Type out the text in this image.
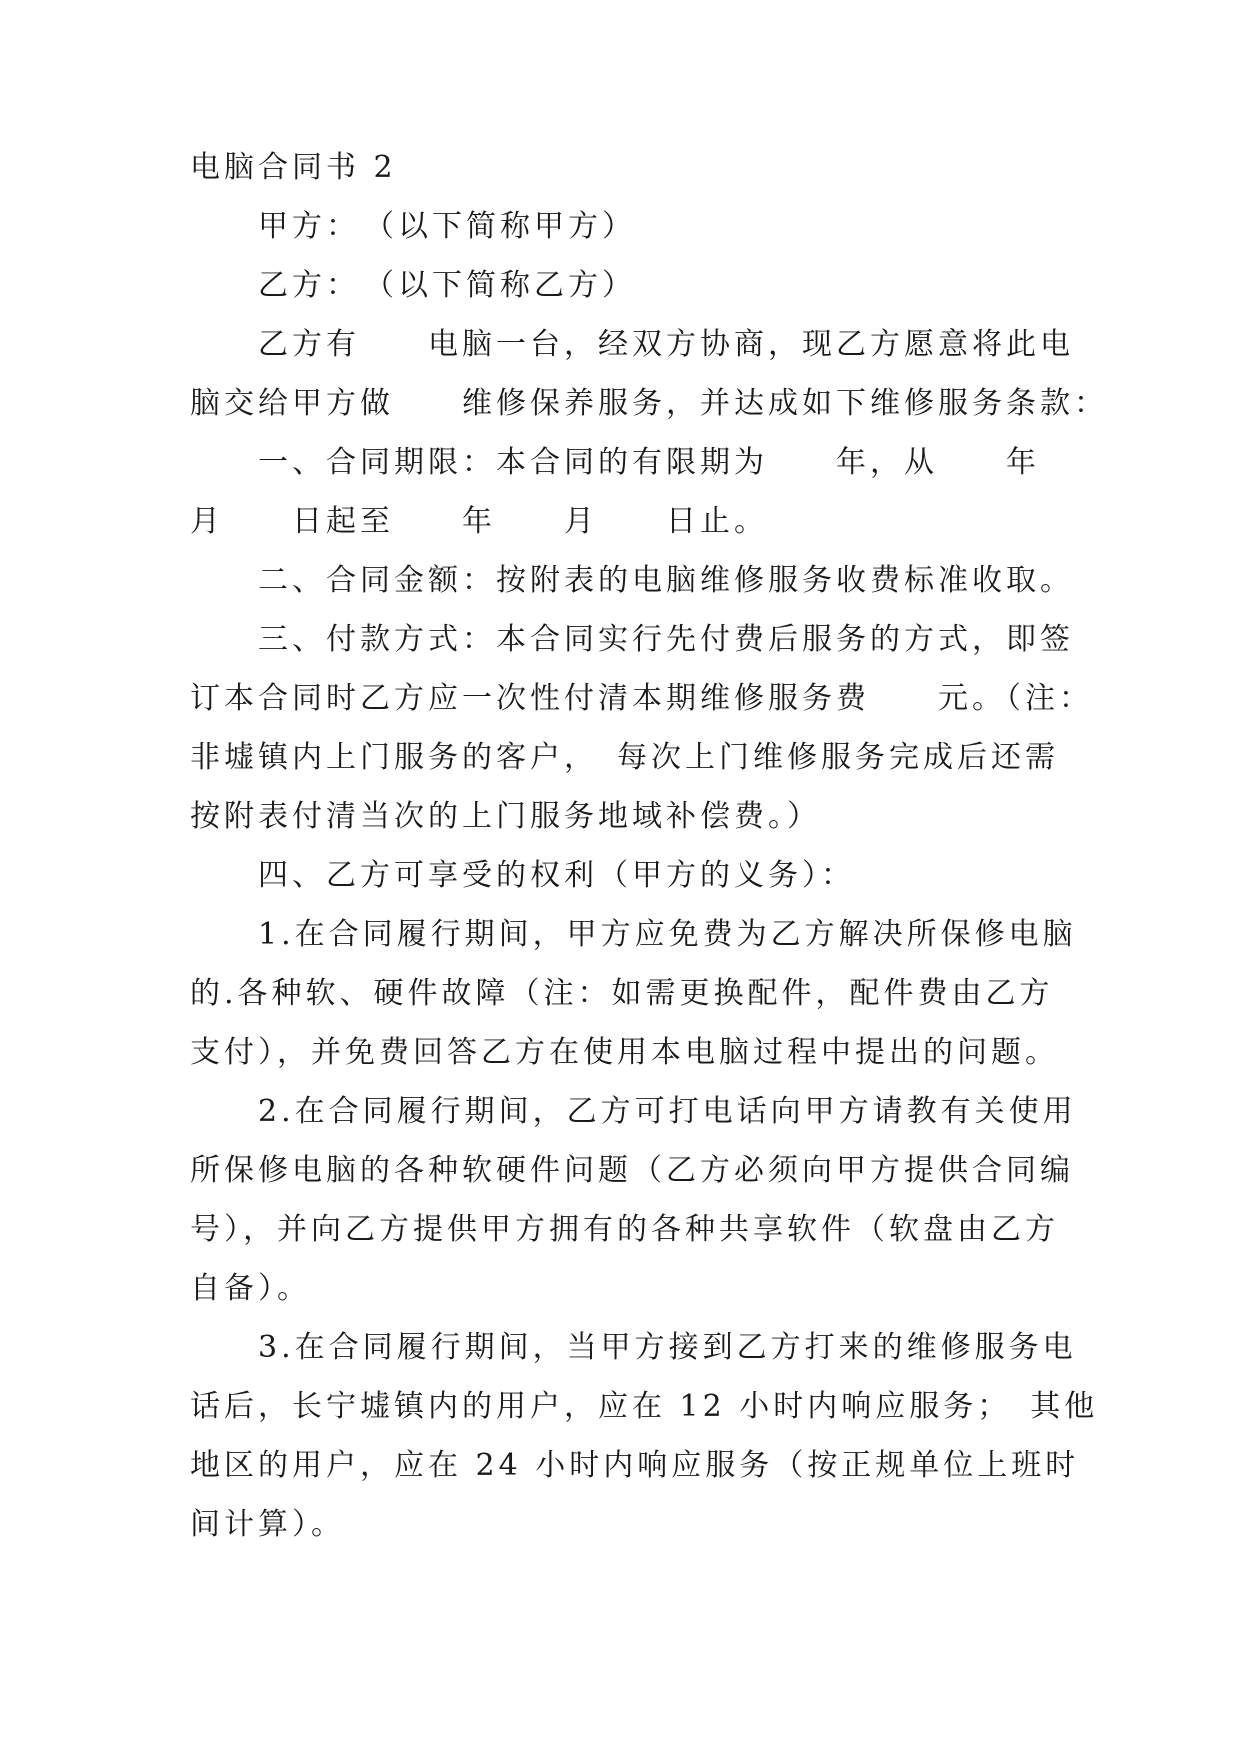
电脑合同书 2
甲方：　（以下简称甲方）
乙方：　（以下简称乙方）
乙方有　　电脑一台，经双方协商，现乙方愿意将此电
脑交给甲方做　　维修保养服务，并达成如下维修服务条款：
一、合同期限：本合同的有限期为　　年，从　　年
月　　日起至　　年　　月　　日止。
二、合同金额：按附表的电脑维修服务收费标准收取。
三、付款方式：本合同实行先付费后服务的方式，即签
订本合同时乙方应一次性付清本期维修服务费　　元。（注：
非墟镇内上门服务的客户，　每次上门维修服务完成后还需
按附表付清当次的上门服务地域补偿费。）
四、乙方可享受的权利（甲方的义务）：
1.在合同履行期间，甲方应免费为乙方解决所保修电脑
的.各种软、硬件故障（注：如需更换配件，配件费由乙方
支付），并免费回答乙方在使用本电脑过程中提出的问题。
2.在合同履行期间，乙方可打电话向甲方请教有关使用
所保修电脑的各种软硬件问题（乙方必须向甲方提供合同编
号），并向乙方提供甲方拥有的各种共享软件（软盘由乙方
自备）。
3.在合同履行期间，当甲方接到乙方打来的维修服务电
话后，长宁墟镇内的用户，应在 12 小时内响应服务；　其他
地区的用户，应在 24 小时内响应服务（按正规单位上班时
间计算）。
